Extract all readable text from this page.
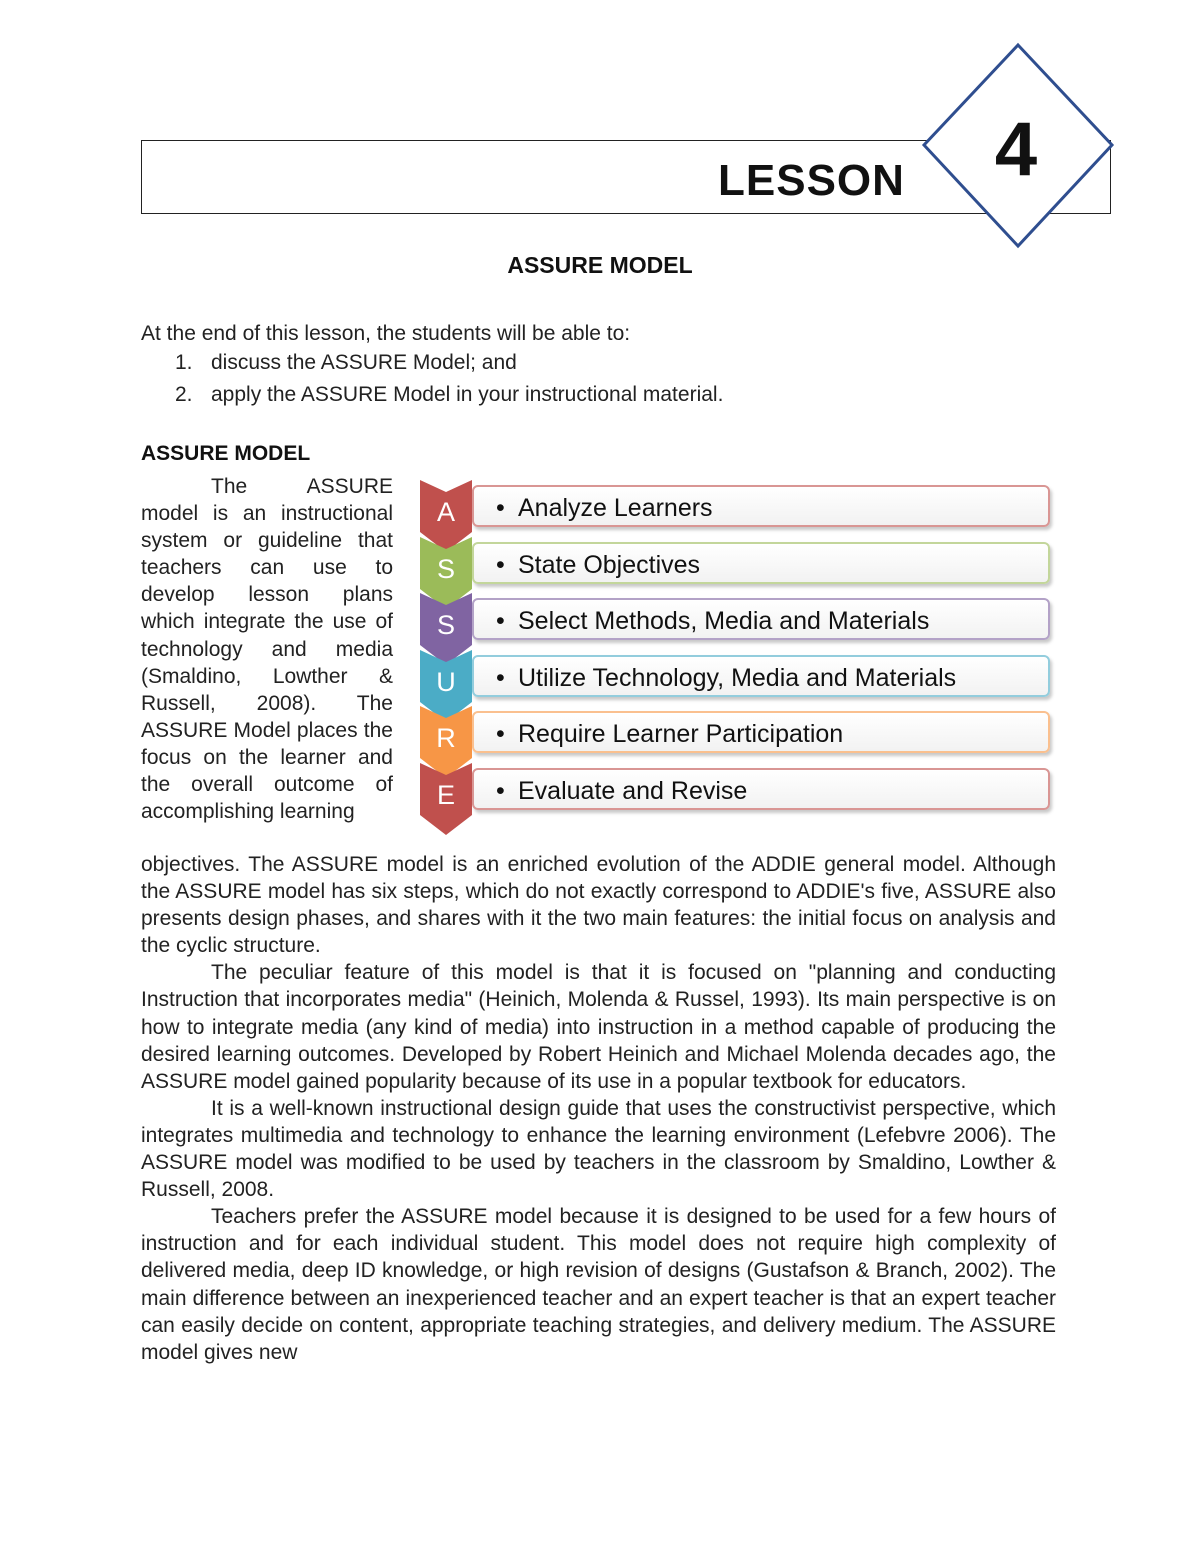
LESSON	4
ASSURE MODEL
At the end of this lesson, the students will be able to:
1. discuss the ASSURE Model; and
2. apply the ASSURE Model in your instructional material.
ASSURE MODEL

The ASSURE model is an instructional system or guideline that teachers can use to develop lesson plans which integrate the use of technology and media (Smaldino, Lowther & Russell, 2008). The ASSURE Model places the focus on the learner and the overall outcome of accomplishing learning

• Analyze Learners
A
• State Objectives
S
• Select Methods, Media and Materials
S
• Utilize Technology, Media and Materials
U
• Require Learner Participation
R
• Evaluate and Revise
E

objectives. The ASSURE model is an enriched evolution of the ADDIE general model. Although the ASSURE model has six steps, which do not exactly correspond to ADDIE's five, ASSURE also presents design phases, and shares with it the two main features: the initial focus on analysis and the cyclic structure.

The peculiar feature of this model is that it is focused on "planning and conducting Instruction that incorporates media" (Heinich, Molenda & Russel, 1993). Its main perspective is on how to integrate media (any kind of media) into instruction in a method capable of producing the desired learning outcomes. Developed by Robert Heinich and Michael Molenda decades ago, the ASSURE model gained popularity because of its use in a popular textbook for educators.

It is a well-known instructional design guide that uses the constructivist perspective, which integrates multimedia and technology to enhance the learning environment (Lefebvre 2006). The ASSURE model was modified to be used by teachers in the classroom by Smaldino, Lowther & Russell, 2008.

Teachers prefer the ASSURE model because it is designed to be used for a few hours of instruction and for each individual student. This model does not require high complexity of delivered media, deep ID knowledge, or high revision of designs (Gustafson & Branch, 2002). The main difference between an inexperienced teacher and an expert teacher is that an expert teacher can easily decide on content, appropriate teaching strategies, and delivery medium. The ASSURE model gives new
